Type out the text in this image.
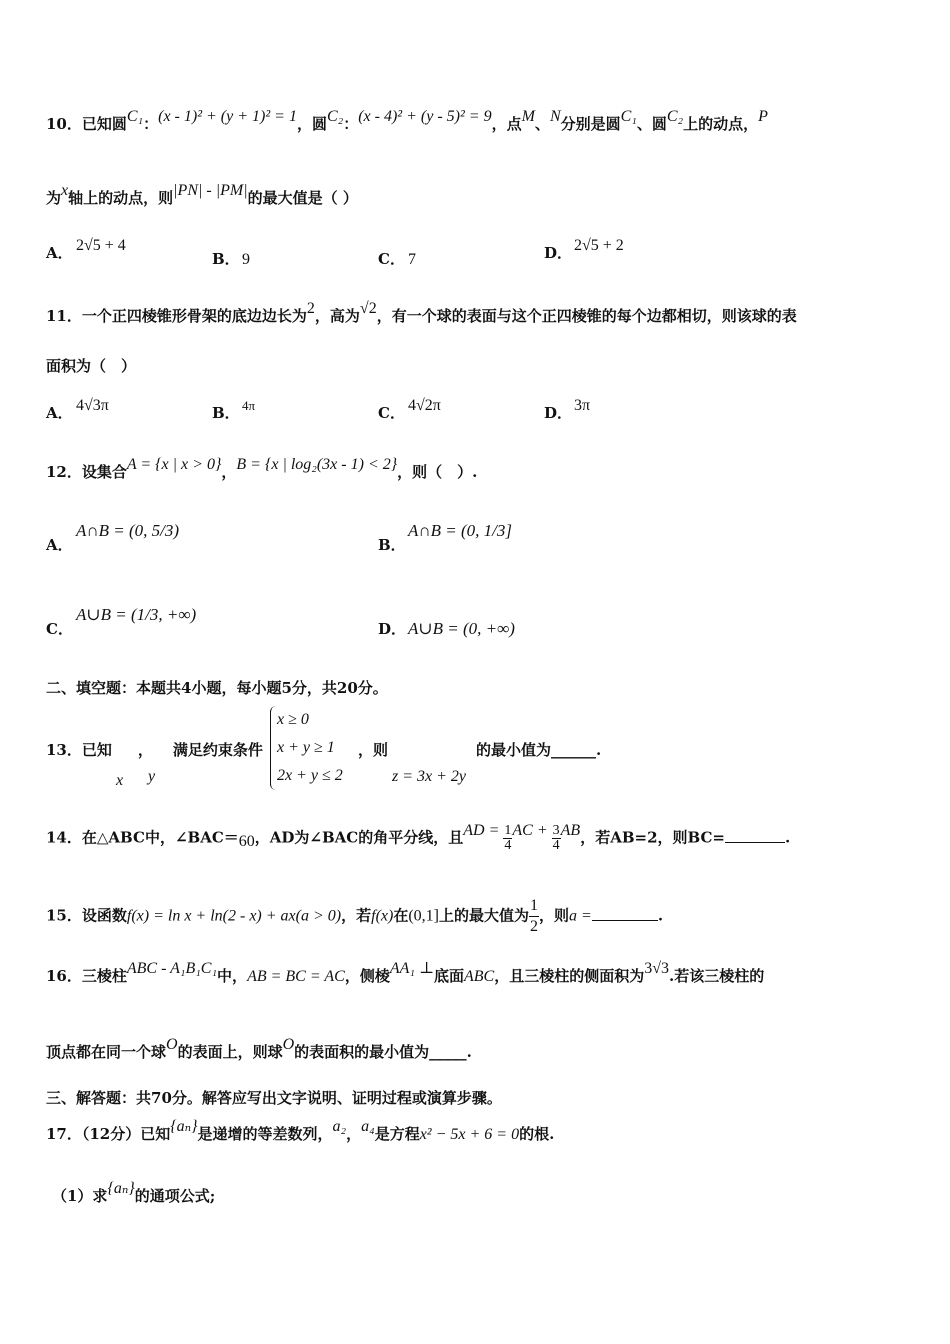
10．已知圆C₁：(x - 1)² + (y + 1)² = 1，圆C₂：(x - 4)² + (y - 5)² = 9，点M、N分别是圆C₁、圆C₂上的动点，P
为x轴上的动点，则|PN| - |PM|的最大值是（ ）
A． 2√5 + 4
B． 9	C． 7	D． 2√5 + 2
11．一个正四棱锥形骨架的底边边长为2，高为√2，有一个球的表面与这个正四棱锥的每个边都相切，则该球的表
面积为（　）
A． 4√3π	B． 4π	C． 4√2π	D． 3π
12．设集合A = {x | x > 0}，B = {x | log₂(3x - 1) < 2}，则（　）.
A．A∩B = (0, 5/3)
B．A∩B = (0, 1/3]
C．A∪B = (1/3, +∞)
D． A∪B = (0, +∞)
二、填空题：本题共4小题，每小题5分，共20分。
13．已知 ， 满足约束条件
x y
x ≥ 0
x + y ≥ 1
2x + y ≤ 2
，则	的最小值为______.
z = 3x + 2y
14．在△ABC中，∠BAC＝60，AD为∠BAC的角平分线，且AD = $\frac{1}{4}$ AC + $\frac{3}{4}$ AB，若AB=2，则BC=	.
15．设函数f(x) = ln x + ln(2 - x) + ax(a > 0)，若f(x)在(0,1]上的最大值为 $\frac{1}{2}$ ，则a =	.
16．三棱柱ABC - A₁B₁C₁中，AB = BC = AC，侧棱AA₁ ⊥底面ABC，且三棱柱的侧面积为3√3.若该三棱柱的
顶点都在同一个球O的表面上，则球O的表面积的最小值为_____.
三、解答题：共70分。解答应写出文字说明、证明过程或演算步骤。
17．（12分）已知{aₙ}是递增的等差数列，a₂，a₄是方程x² − 5x + 6 = 0的根.
（1）求{aₙ}的通项公式;
